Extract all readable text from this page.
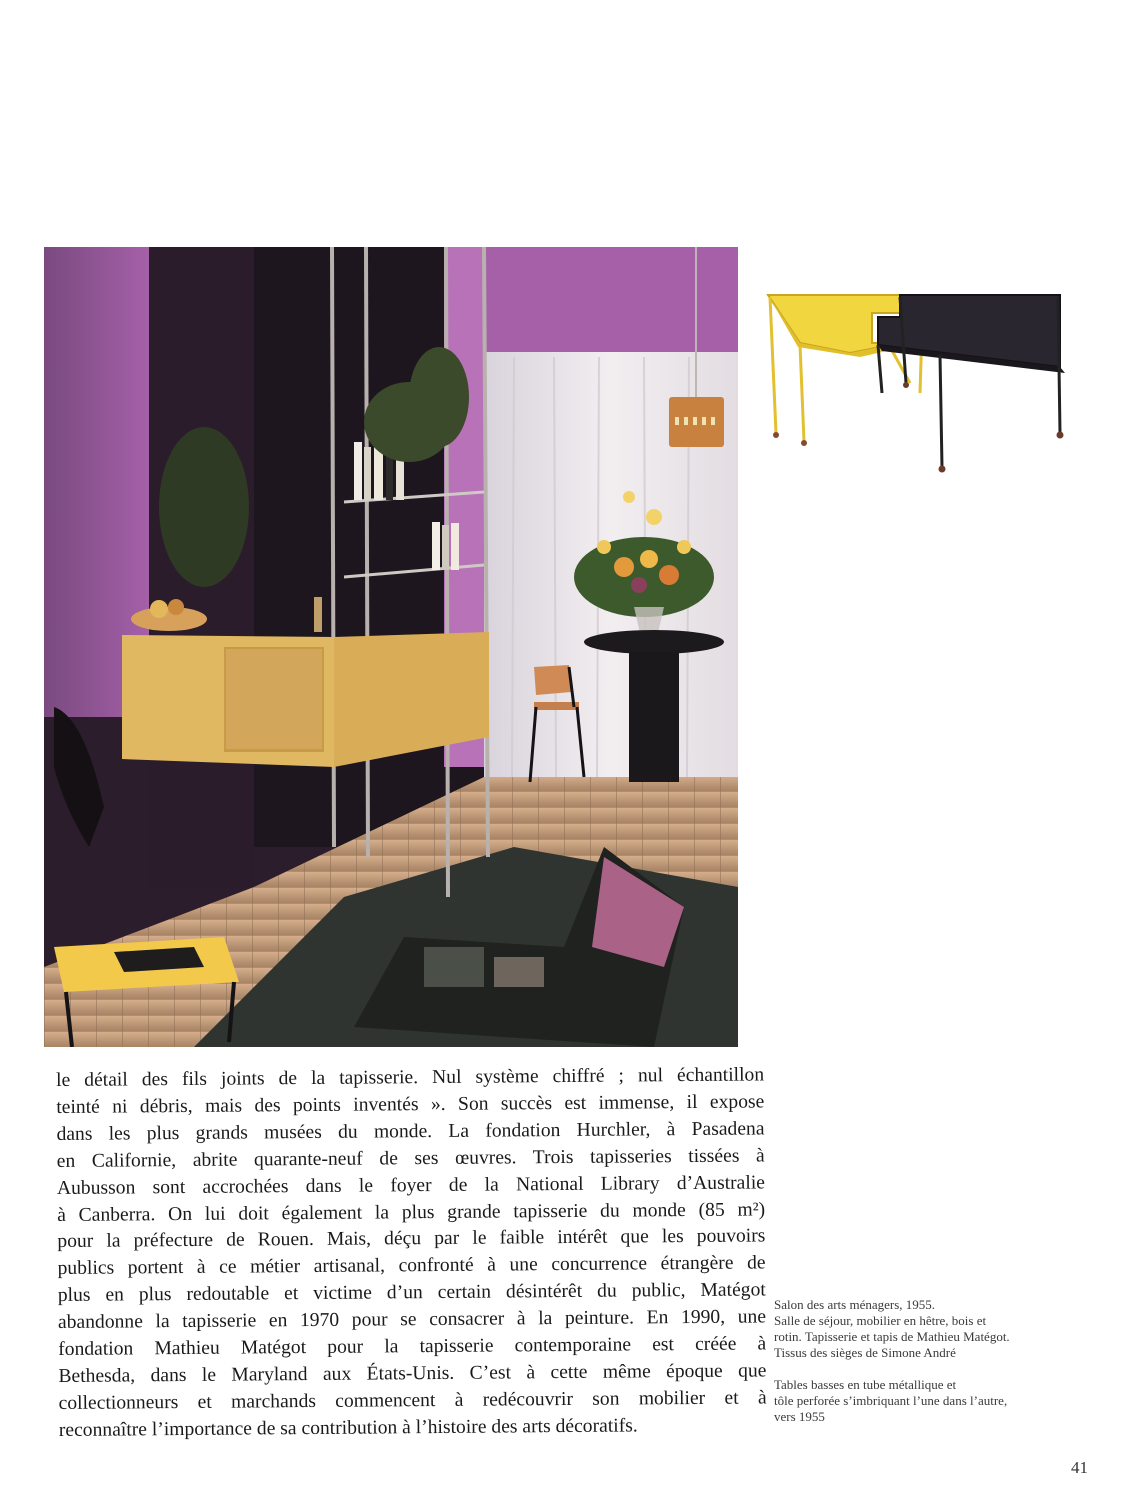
le détail des fils joints de la tapisserie. Nul système chiffré ; nul échantillon
teinté ni débris, mais des points inventés ». Son succès est immense, il expose
dans les plus grands musées du monde. La fondation Hurchler, à Pasadena
en Californie, abrite quarante-neuf de ses œuvres. Trois tapisseries tissées à
Aubusson sont accrochées dans le foyer de la National Library d’Australie
à Canberra. On lui doit également la plus grande tapisserie du monde (85 m²)
pour la préfecture de Rouen. Mais, déçu par le faible intérêt que les pouvoirs
publics portent à ce métier artisanal, confronté à une concurrence étrangère de
plus en plus redoutable et victime d’un certain désintérêt du public, Matégot
abandonne la tapisserie en 1970 pour se consacrer à la peinture. En 1990, une
fondation Mathieu Matégot pour la tapisserie contemporaine est créée à
Bethesda, dans le Maryland aux États-Unis. C’est à cette même époque que
collectionneurs et marchands commencent à redécouvrir son mobilier et à
reconnaître l’importance de sa contribution à l’histoire des arts décoratifs.

Salon des arts ménagers, 1955.
Salle de séjour, mobilier en hêtre, bois et
rotin. Tapisserie et tapis de Mathieu Matégot.
Tissus des sièges de Simone André

Tables basses en tube métallique et
tôle perforée s’imbriquant l’une dans l’autre,
vers 1955

41
